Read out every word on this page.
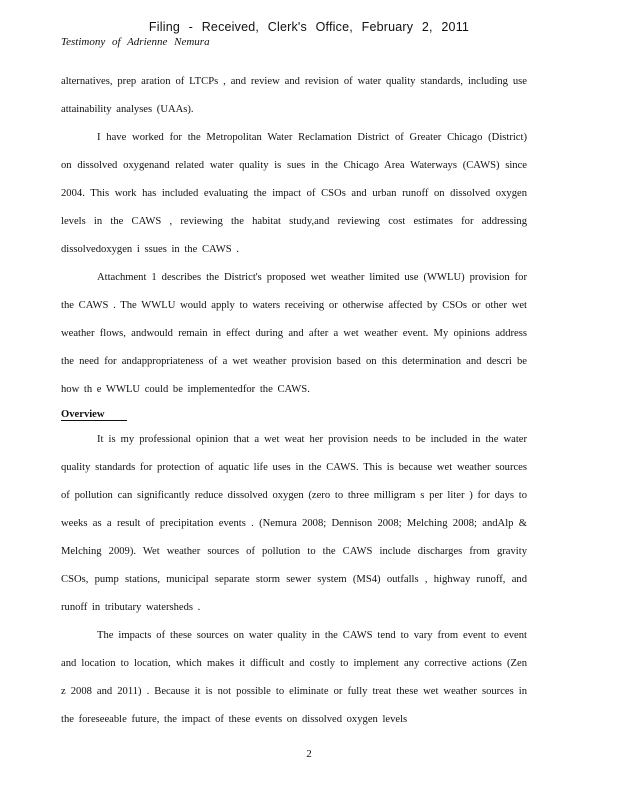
Filing - Received, Clerk's Office, February 2, 2011
Testimony of Adrienne Nemura

alternatives, prep aration of LTCPs , and review and revision of water quality standards, including use attainability analyses (UAAs).

I have worked for the Metropolitan Water Reclamation District of Greater Chicago (District) on dissolved oxygenand related water quality is sues in the Chicago Area Waterways (CAWS) since 2004. This work has included evaluating the impact of CSOs and urban runoff on dissolved oxygen levels in the CAWS , reviewing the habitat study,and reviewing cost estimates for addressing dissolvedoxygen i ssues in the CAWS .

Attachment 1 describes the District's proposed wet weather limited use (WWLU) provision for the CAWS . The WWLU would apply to waters receiving or otherwise affected by CSOs or other wet weather flows, andwould remain in effect during and after a wet weather event. My opinions address the need for andappropriateness of a wet weather provision based on this determination and descri be how th e WWLU could be implementedfor the CAWS.

Overview

It is my professional opinion that a wet weat her provision needs to be included in the water quality standards for protection of aquatic life uses in the CAWS. This is because wet weather sources of pollution can significantly reduce dissolved oxygen (zero to three milligram s per liter ) for days to weeks as a result of precipitation events . (Nemura 2008; Dennison 2008; Melching 2008; andAlp & Melching 2009). Wet weather sources of pollution to the CAWS include discharges from gravity CSOs, pump stations, municipal separate storm sewer system (MS4) outfalls , highway runoff, and runoff in tributary watersheds .

The impacts of these sources on water quality in the CAWS tend to vary from event to event and location to location, which makes it difficult and costly to implement any corrective actions (Zen z 2008 and 2011) . Because it is not possible to eliminate or fully treat these wet weather sources in the foreseeable future, the impact of these events on dissolved oxygen levels

2
